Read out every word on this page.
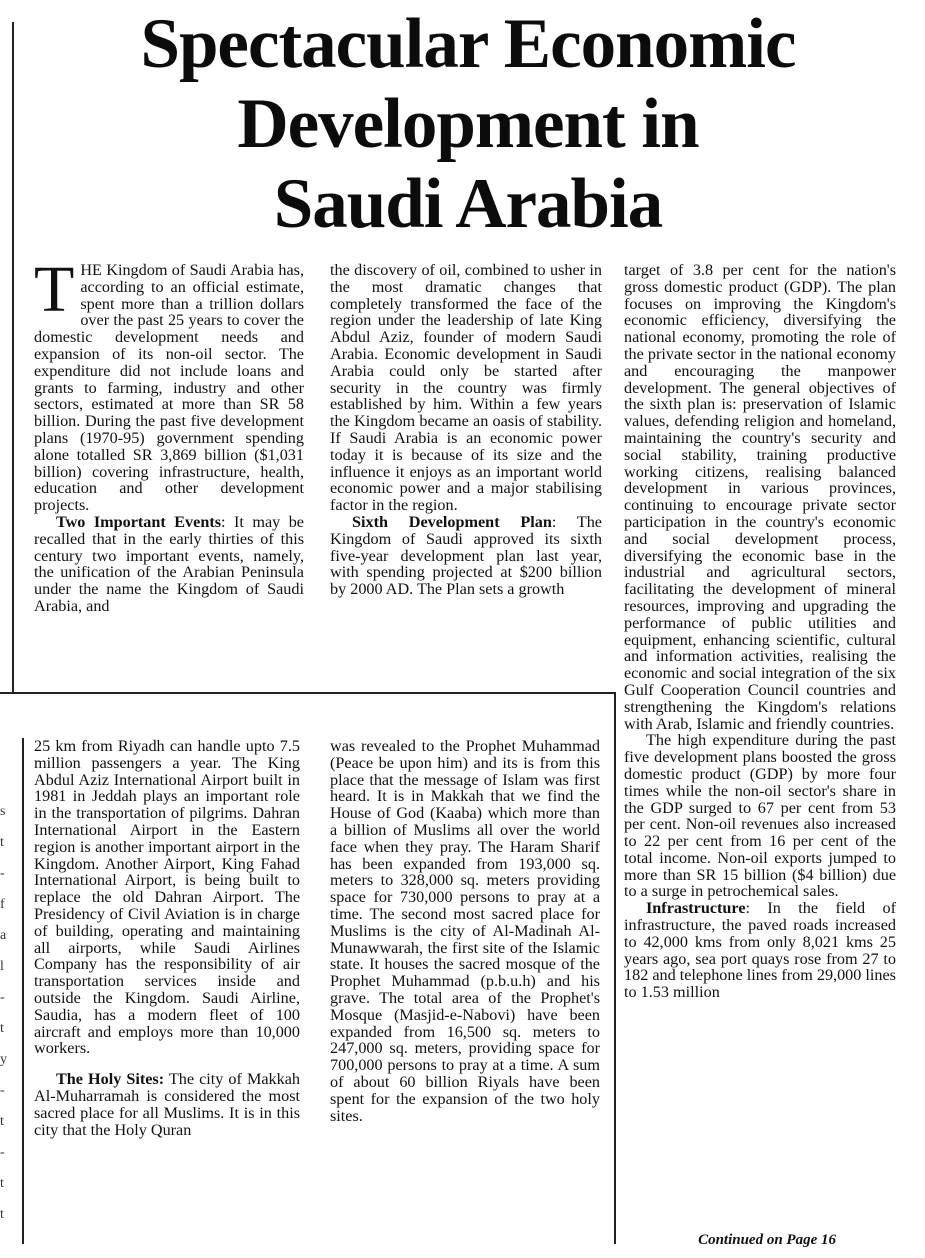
Spectacular Economic
Development in
Saudi Arabia

THE Kingdom of Saudi Arabia has, according to an official estimate, spent more than a trillion dollars over the past 25 years to cover the domestic development needs and expansion of its non-oil sector. The expenditure did not include loans and grants to farming, industry and other sectors, estimated at more than SR 58 billion. During the past five development plans (1970-95) government spending alone totalled SR 3,869 billion ($1,031 billion) covering infrastructure, health, education and other development projects.

Two Important Events: It may be recalled that in the early thirties of this century two important events, namely, the unification of the Arabian Peninsula under the name the Kingdom of Saudi Arabia, and

the discovery of oil, combined to usher in the most dramatic changes that completely transformed the face of the region under the leadership of late King Abdul Aziz, founder of modern Saudi Arabia. Economic development in Saudi Arabia could only be started after security in the country was firmly established by him. Within a few years the Kingdom became an oasis of stability. If Saudi Arabia is an economic power today it is because of its size and the influence it enjoys as an important world economic power and a major stabilising factor in the region.

Sixth Development Plan: The Kingdom of Saudi approved its sixth five-year development plan last year, with spending projected at $200 billion by 2000 AD. The Plan sets a growth

target of 3.8 per cent for the nation's gross domestic product (GDP). The plan focuses on improving the Kingdom's economic efficiency, diversifying the national economy, promoting the role of the private sector in the national economy and encouraging the manpower development. The general objectives of the sixth plan is: preservation of Islamic values, defending religion and homeland, maintaining the country's security and social stability, training productive working citizens, realising balanced development in various provinces, continuing to encourage private sector participation in the country's economic and social development process, diversifying the economic base in the industrial and agricultural sectors, facilitating the development of mineral resources, improving and upgrading the performance of public utilities and equipment, enhancing scientific, cultural and information activities, realising the economic and social integration of the six Gulf Cooperation Council countries and strengthening the Kingdom's relations with Arab, Islamic and friendly countries.

The high expenditure during the past five development plans boosted the gross domestic product (GDP) by more four times while the non-oil sector's share in the GDP surged to 67 per cent from 53 per cent. Non-oil revenues also increased to 22 per cent from 16 per cent of the total income. Non-oil exports jumped to more than SR 15 billion ($4 billion) due to a surge in petrochemical sales.

Infrastructure: In the field of infrastructure, the paved roads increased to 42,000 kms from only 8,021 kms 25 years ago, sea port quays rose from 27 to 182 and telephone lines from 29,000 lines to 1.53 million

Continued on Page 16

25 km from Riyadh can handle upto 7.5 million passengers a year. The King Abdul Aziz International Airport built in 1981 in Jeddah plays an important role in the transportation of pilgrims. Dahran International Airport in the Eastern region is another important airport in the Kingdom. Another Airport, King Fahad International Airport, is being built to replace the old Dahran Airport. The Presidency of Civil Aviation is in charge of building, operating and maintaining all airports, while Saudi Airlines Company has the responsibility of air transportation services inside and outside the Kingdom. Saudi Airline, Saudia, has a modern fleet of 100 aircraft and employs more than 10,000 workers.

The Holy Sites: The city of Makkah Al-Muharramah is considered the most sacred place for all Muslims. It is in this city that the Holy Quran

was revealed to the Prophet Muhammad (Peace be upon him) and its is from this place that the message of Islam was first heard. It is in Makkah that we find the House of God (Kaaba) which more than a billion of Muslims all over the world face when they pray. The Haram Sharif has been expanded from 193,000 sq. meters to 328,000 sq. meters providing space for 730,000 persons to pray at a time. The second most sacred place for Muslims is the city of Al-Madinah Al-Munawwarah, the first site of the Islamic state. It houses the sacred mosque of the Prophet Muhammad (p.b.u.h) and his grave. The total area of the Prophet's Mosque (Masjid-e-Nabovi) have been expanded from 16,500 sq. meters to 247,000 sq. meters, providing space for 700,000 persons to pray at a time. A sum of about 60 billion Riyals have been spent for the expansion of the two holy sites.

s
t
-
f
a
l
-
t
y
-
t
-
t
t
